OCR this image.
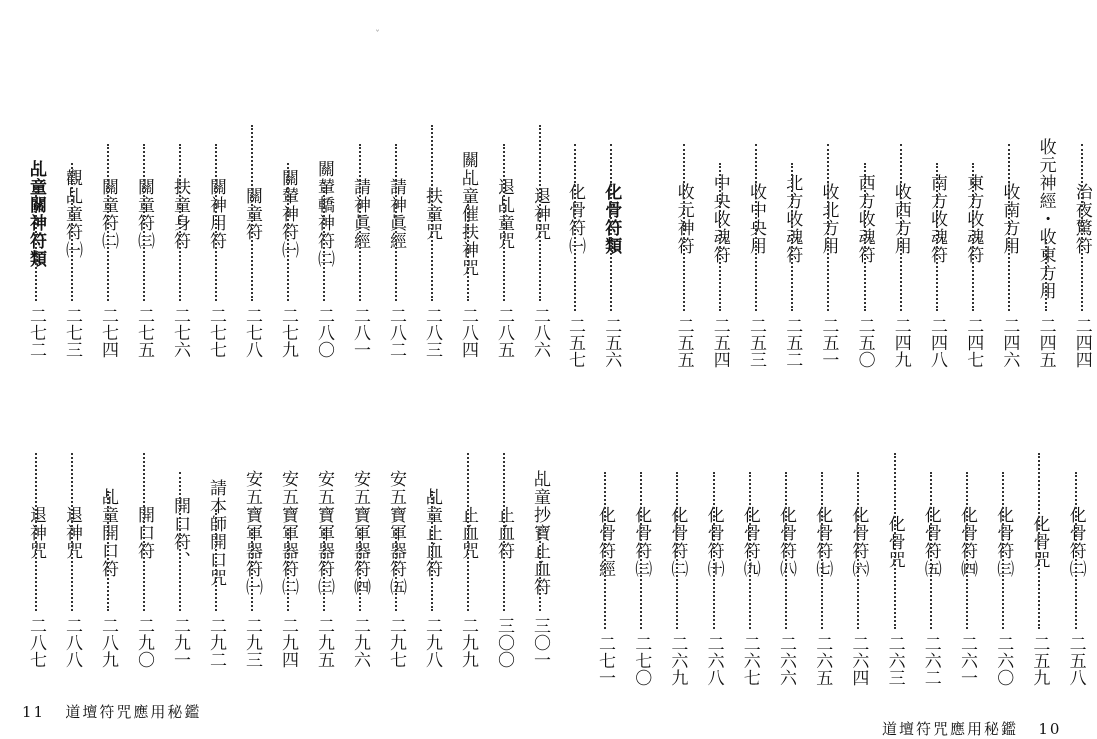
ˇ
退神咒
二八六
退乩童咒
二八五
關乩童催扶神咒
二八四
扶童咒
二八三
請神眞經
二八二
請神眞經
二八一
關輦轎神符㈡
二八〇
關輦神符㈠
二七九
關童符
二七八
關神用符
二七七
扶童身符
二七六
關童符㈢
二七五
關童符㈡
二七四
觀乩童符㈠
二七三
乩童關神符類
二七二
乩童抄寶止血符
三〇一
止血符
三〇〇
止血咒
二九九
乩童止血符
二九八
安五寶軍器符㈤
二九七
安五寶軍器符㈣
二九六
安五寶軍器符㈢
二九五
安五寶軍器符㈡
二九四
安五寶軍器符㈠
二九三
請本師開口咒
二九二
開口符、
二九一
開口符
二九〇
乩童開口符
二八九
退神咒
二八八
退神咒
二八七
11 道壇符咒應用秘鑑
化骨符㈠
二五七
化骨符類
二五六
收元神符
二五五
中央收魂符
二五四
收中央用
二五三
北方收魂符
二五二
收北方用
二五一
西方收魂符
二五〇
收西方用
二四九
南方收魂符
二四八
東方收魂符
二四七
收南方用
二四六
收元神經・收東方用
二四五
治夜驚符
二四四
化骨符經
二七一
化骨符㈢
二七〇
化骨符㈡
二六九
化骨符㈩
二六八
化骨符㈨
二六七
化骨符㈧
二六六
化骨符㈦
二六五
化骨符㈥
二六四
化骨咒
二六三
化骨符㈤
二六二
化骨符㈣
二六一
化骨符㈢
二六〇
化骨咒
二五九
化骨符㈡
二五八
道壇符咒應用秘鑑 10
